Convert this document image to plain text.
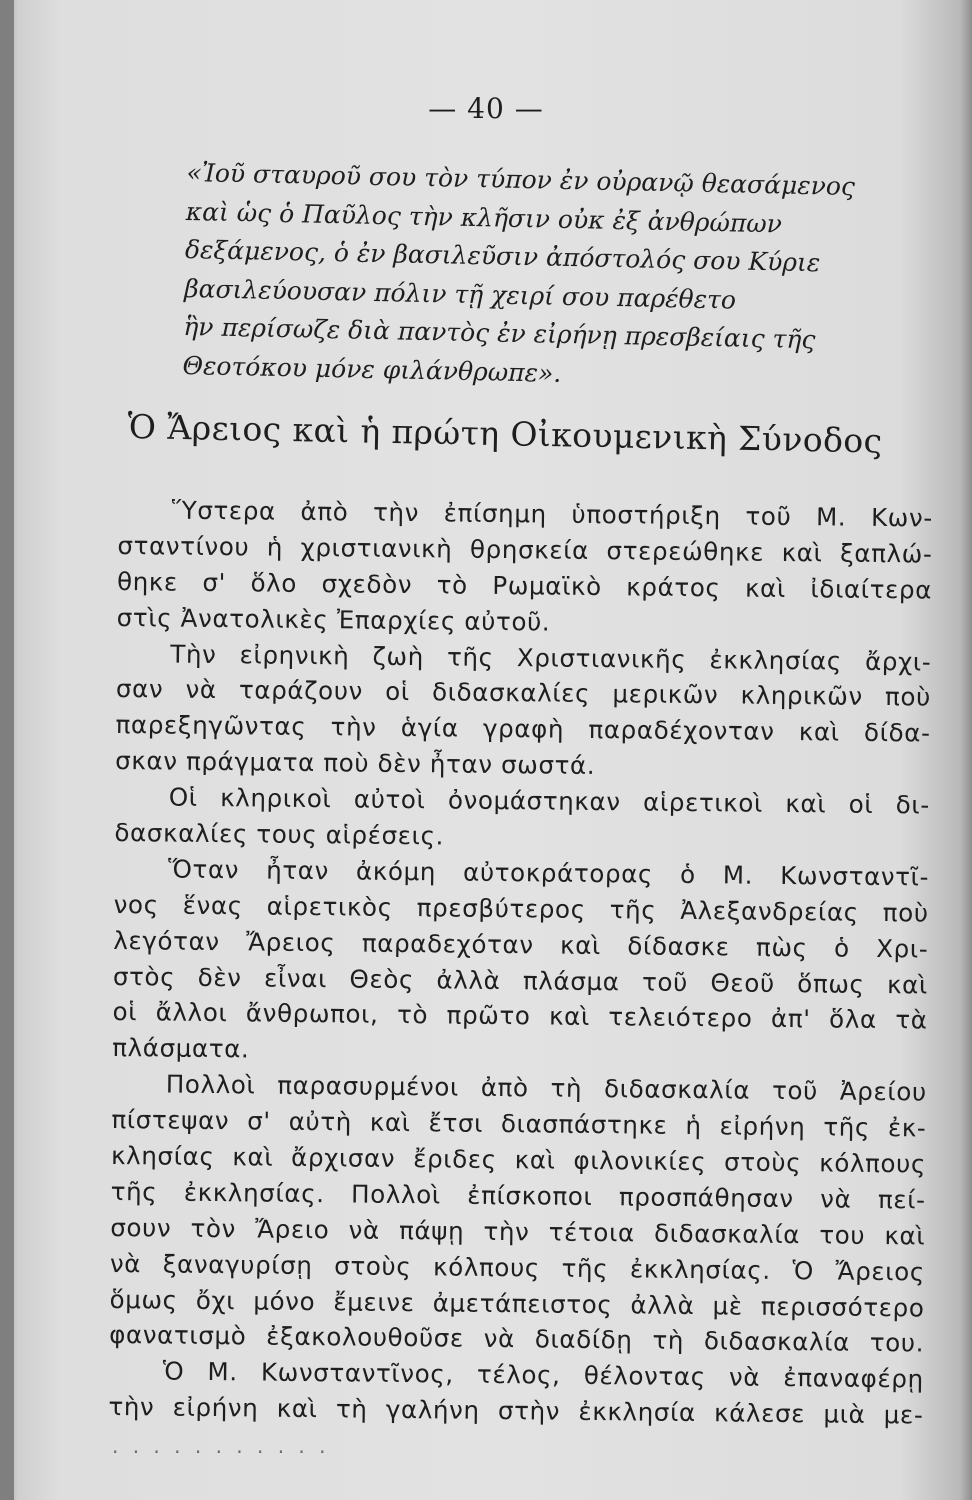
— 40 —
«Ἰοῦ σταυροῦ σου τὸν τύπον ἐν οὐρανῷ θεασάμενος
καὶ ὡς ὁ Παῦλος τὴν κλῆσιν οὐκ ἐξ ἀνθρώπων
δεξάμενος, ὁ ἐν βασιλεῦσιν ἀπόστολός σου Κύριε
βασιλεύουσαν πόλιν τῇ χειρί σου παρέθετο
ἣν περίσωζε διὰ παντὸς ἐν εἰρήνῃ πρεσβείαις τῆς
Θεοτόκου μόνε φιλάνθρωπε».
Ὁ Ἄρειος καὶ ἡ πρώτη Οἰκουμενικὴ Σύνοδος
Ὕστερα ἀπὸ τὴν ἐπίσημη ὑποστήριξη τοῦ Μ. Κων-
σταντίνου ἡ χριστιανικὴ θρησκεία στερεώθηκε καὶ ξαπλώ-
θηκε σ' ὅλο σχεδὸν τὸ Ρωμαϊκὸ κράτος καὶ ἰδιαίτερα
στὶς Ἀνατολικὲς Ἐπαρχίες αὐτοῦ.
Τὴν εἰρηνικὴ ζωὴ τῆς Χριστιανικῆς ἐκκλησίας ἄρχι-
σαν νὰ ταράζουν οἱ διδασκαλίες μερικῶν κληρικῶν ποὺ
παρεξηγῶντας τὴν ἁγία γραφὴ παραδέχονταν καὶ δίδα-
σκαν πράγματα ποὺ δὲν ἦταν σωστά.
Οἱ κληρικοὶ αὐτοὶ ὀνομάστηκαν αἱρετικοὶ καὶ οἱ δι-
δασκαλίες τους αἱρέσεις.
Ὅταν ἦταν ἀκόμη αὐτοκράτορας ὁ Μ. Κωνσταντῖ-
νος ἕνας αἱρετικὸς πρεσβύτερος τῆς Ἀλεξανδρείας ποὺ
λεγόταν Ἄρειος παραδεχόταν καὶ δίδασκε πὼς ὁ Χρι-
στὸς δὲν εἶναι Θεὸς ἀλλὰ πλάσμα τοῦ Θεοῦ ὅπως καὶ
οἱ ἄλλοι ἄνθρωποι, τὸ πρῶτο καὶ τελειότερο ἀπ' ὅλα τὰ
πλάσματα.
Πολλοὶ παρασυρμένοι ἀπὸ τὴ διδασκαλία τοῦ Ἀρείου
πίστεψαν σ' αὐτὴ καὶ ἔτσι διασπάστηκε ἡ εἰρήνη τῆς ἐκ-
κλησίας καὶ ἄρχισαν ἔριδες καὶ φιλονικίες στοὺς κόλπους
τῆς ἐκκλησίας. Πολλοὶ ἐπίσκοποι προσπάθησαν νὰ πεί-
σουν τὸν Ἄρειο νὰ πάψῃ τὴν τέτοια διδασκαλία του καὶ
νὰ ξαναγυρίσῃ στοὺς κόλπους τῆς ἐκκλησίας. Ὁ Ἄρειος
ὅμως ὄχι μόνο ἔμεινε ἀμετάπειστος ἀλλὰ μὲ περισσότερο
φανατισμὸ ἐξακολουθοῦσε νὰ διαδίδῃ τὴ διδασκαλία του.
Ὁ Μ. Κωνσταντῖνος, τέλος, θέλοντας νὰ ἐπαναφέρῃ
τὴν εἰρήνη καὶ τὴ γαλήνη στὴν ἐκκλησία κάλεσε μιὰ με-
· · · · · · · · · · ·
